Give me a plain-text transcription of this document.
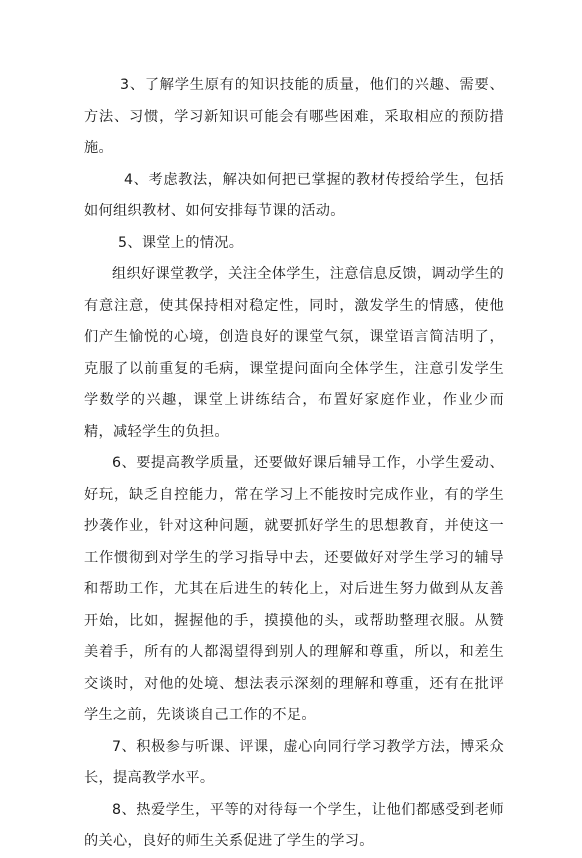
3、了解学生原有的知识技能的质量，他们的兴趣、需要、方法、习惯，学习新知识可能会有哪些困难，采取相应的预防措施。

4、考虑教法，解决如何把已掌握的教材传授给学生，包括如何组织教材、如何安排每节课的活动。

5、课堂上的情况。

组织好课堂教学，关注全体学生，注意信息反馈，调动学生的有意注意，使其保持相对稳定性，同时，激发学生的情感，使他们产生愉悦的心境，创造良好的课堂气氛，课堂语言简洁明了，克服了以前重复的毛病，课堂提问面向全体学生，注意引发学生学数学的兴趣，课堂上讲练结合，布置好家庭作业，作业少而精，减轻学生的负担。

6、要提高教学质量，还要做好课后辅导工作，小学生爱动、好玩，缺乏自控能力，常在学习上不能按时完成作业，有的学生抄袭作业，针对这种问题，就要抓好学生的思想教育，并使这一工作惯彻到对学生的学习指导中去，还要做好对学生学习的辅导和帮助工作，尤其在后进生的转化上，对后进生努力做到从友善开始，比如，握握他的手，摸摸他的头，或帮助整理衣服。从赞美着手，所有的人都渴望得到别人的理解和尊重，所以，和差生交谈时，对他的处境、想法表示深刻的理解和尊重，还有在批评学生之前，先谈谈自己工作的不足。

7、积极参与听课、评课，虚心向同行学习教学方法，博采众长，提高教学水平。

8、热爱学生，平等的对待每一个学生，让他们都感受到老师的关心，良好的师生关系促进了学生的学习。
